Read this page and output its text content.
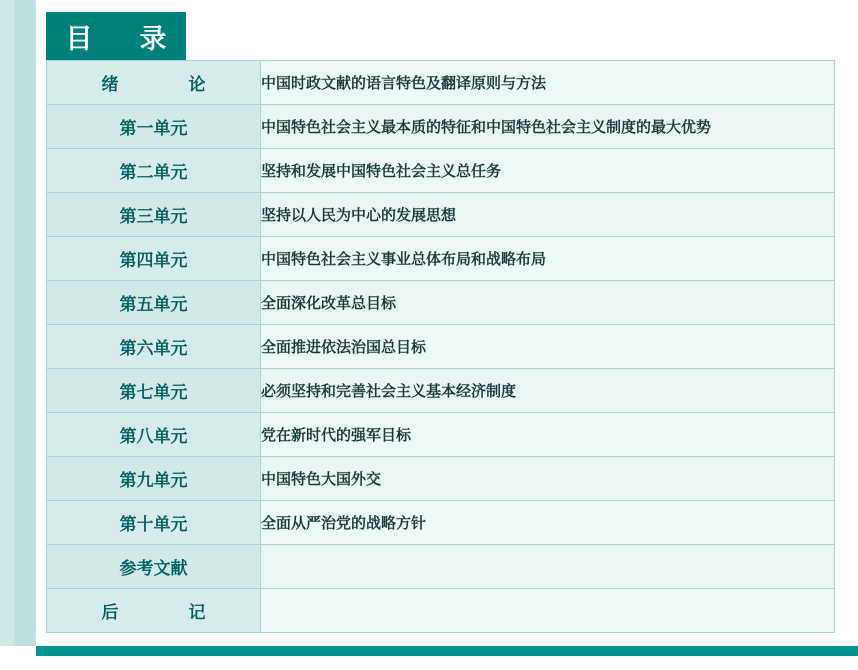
目　录
绪　　论	中国时政文献的语言特色及翻译原则与方法
第一单元	中国特色社会主义最本质的特征和中国特色社会主义制度的最大优势
第二单元	坚持和发展中国特色社会主义总任务
第三单元	坚持以人民为中心的发展思想
第四单元	中国特色社会主义事业总体布局和战略布局
第五单元	全面深化改革总目标
第六单元	全面推进依法治国总目标
第七单元	必须坚持和完善社会主义基本经济制度
第八单元	党在新时代的强军目标
第九单元	中国特色大国外交
第十单元	全面从严治党的战略方针
参考文献	
后　　记	
